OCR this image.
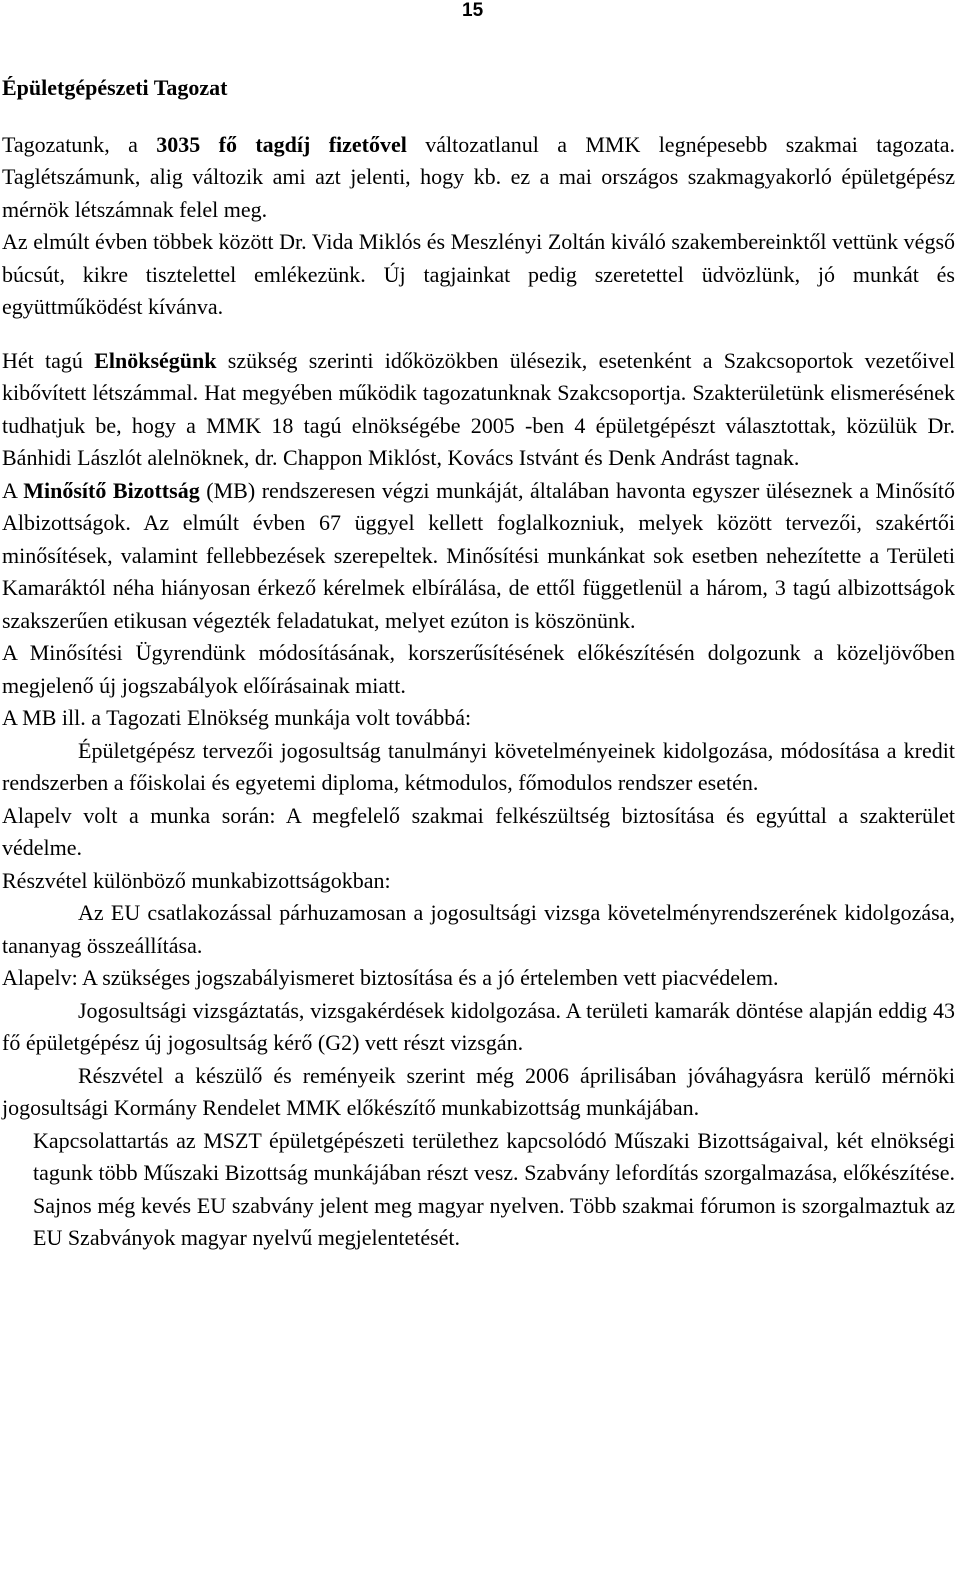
15

Épületgépészeti Tagozat

Tagozatunk, a 3035 fő tagdíj fizetővel változatlanul a MMK legnépesebb szakmai tagozata. Taglétszámunk, alig változik ami azt jelenti, hogy kb. ez a mai országos szakmagyakorló épületgépész mérnök létszámnak felel meg.

Az elmúlt évben többek között Dr. Vida Miklós és Meszlényi Zoltán kiváló szakembereinktől vettünk végső búcsút, kikre tisztelettel emlékezünk. Új tagjainkat pedig szeretettel üdvözlünk, jó munkát és együttműködést kívánva.

Hét tagú Elnökségünk szükség szerinti időközökben ülésezik, esetenként a Szakcsoportok vezetőivel kibővített létszámmal. Hat megyében működik tagozatunknak Szakcsoportja. Szakterületünk elismerésének tudhatjuk be, hogy a MMK 18 tagú elnökségébe 2005 -ben 4 épületgépészt választottak, közülük Dr. Bánhidi Lászlót alelnöknek, dr. Chappon Miklóst, Kovács Istvánt és Denk Andrást tagnak.

A Minősítő Bizottság (MB) rendszeresen végzi munkáját, általában havonta egyszer üléseznek a Minősítő Albizottságok. Az elmúlt évben 67 üggyel kellett foglalkozniuk, melyek között tervezői, szakértői minősítések, valamint fellebbezések szerepeltek. Minősítési munkánkat sok esetben nehezítette a Területi Kamaráktól néha hiányosan érkező kérelmek elbírálása, de ettől függetlenül a három, 3 tagú albizottságok szakszerűen etikusan végezték feladatukat, melyet ezúton is köszönünk.

A Minősítési Ügyrendünk módosításának, korszerűsítésének előkészítésén dolgozunk a közeljövőben megjelenő új jogszabályok előírásainak miatt.

A MB ill. a Tagozati Elnökség munkája volt továbbá:

Épületgépész tervezői jogosultság tanulmányi követelményeinek kidolgozása, módosítása a kredit rendszerben a főiskolai és egyetemi diploma, kétmodulos, főmodulos rendszer esetén.

Alapelv volt a munka során: A megfelelő szakmai felkészültség biztosítása és egyúttal a szakterület védelme.

Részvétel különböző munkabizottságokban:

Az EU csatlakozással párhuzamosan a jogosultsági vizsga követelményrendszerének kidolgozása, tananyag összeállítása.

Alapelv: A szükséges jogszabályismeret biztosítása és a jó értelemben vett piacvédelem.

Jogosultsági vizsgáztatás, vizsgakérdések kidolgozása. A területi kamarák döntése alapján eddig 43 fő épületgépész új jogosultság kérő (G2) vett részt vizsgán.

Részvétel a készülő és reményeik szerint még 2006 áprilisában jóváhagyásra kerülő mérnöki jogosultsági Kormány Rendelet MMK előkészítő munkabizottság munkájában.

Kapcsolattartás az MSZT épületgépészeti területhez kapcsolódó Műszaki Bizottságaival, két elnökségi tagunk több Műszaki Bizottság munkájában részt vesz. Szabvány lefordítás szorgalmazása, előkészítése. Sajnos még kevés EU szabvány jelent meg magyar nyelven. Több szakmai fórumon is szorgalmaztuk az EU Szabványok magyar nyelvű megjelentetését.
